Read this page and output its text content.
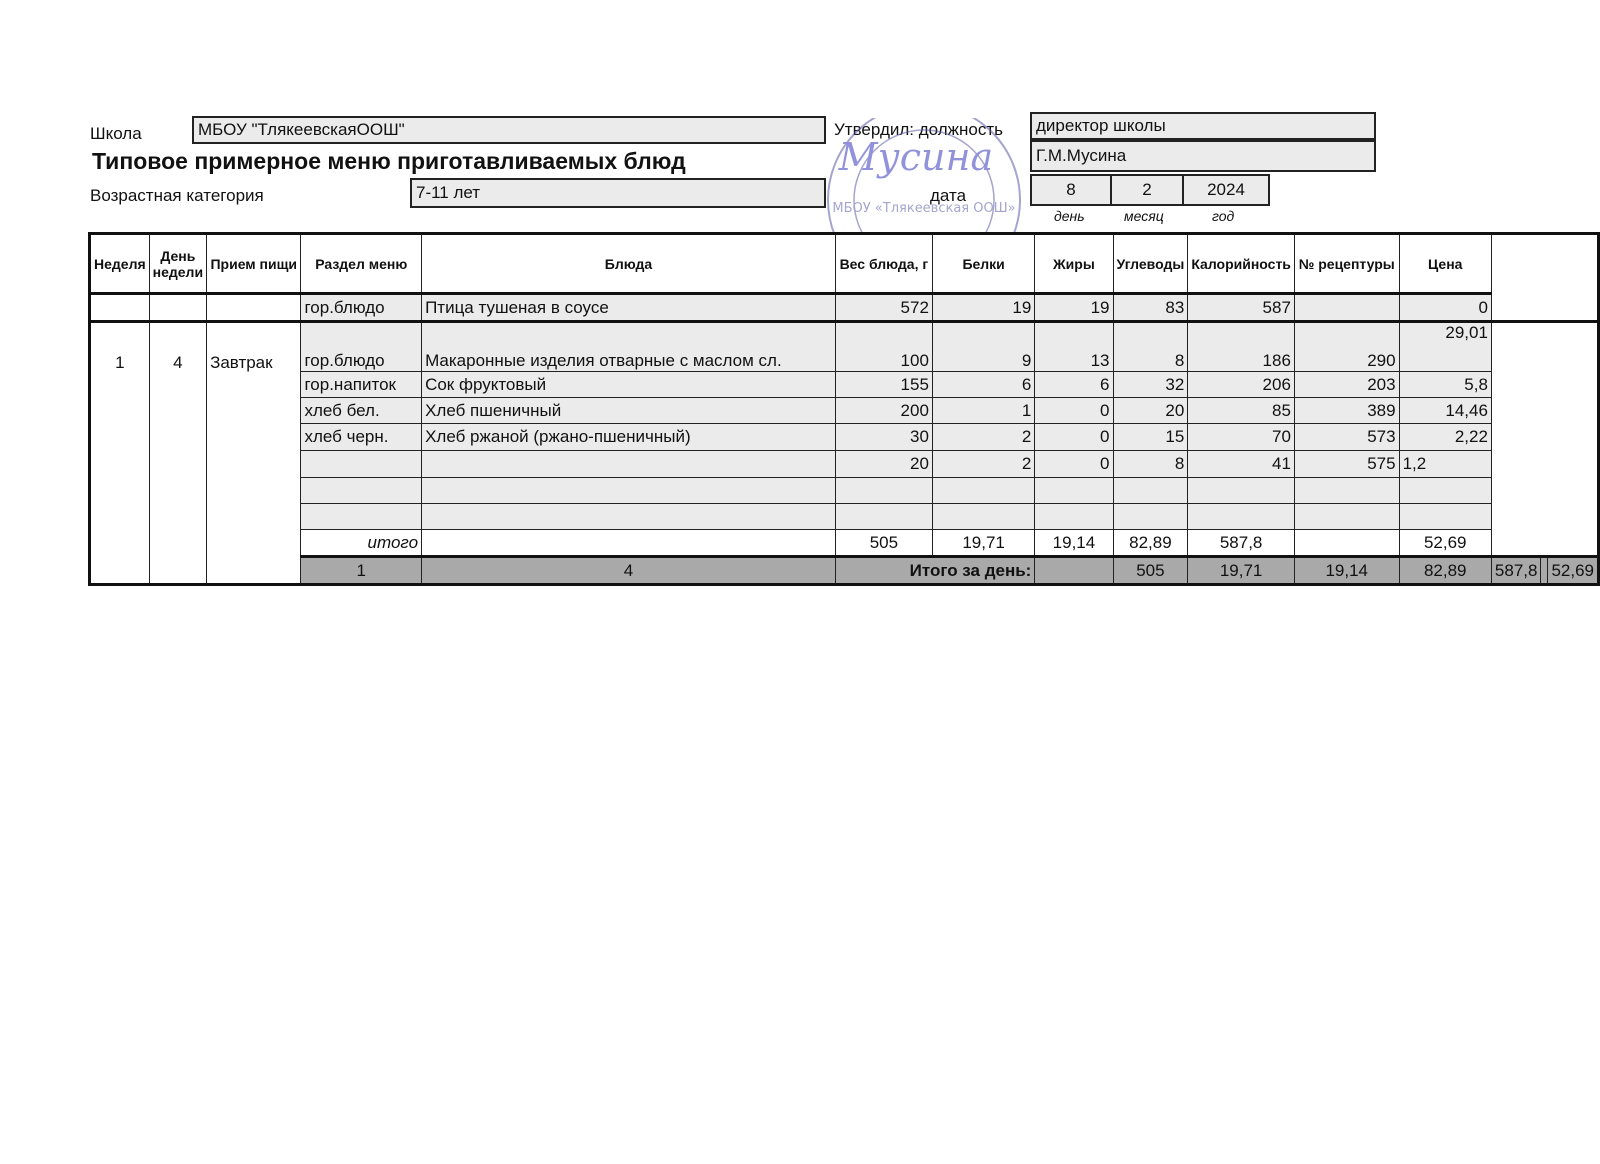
Школа	МБОУ "ТлякеевскаяООШ"
Типовое примерное меню приготавливаемых блюд
Возрастная категория	7-11 лет
Утвердил: должность	директор школы
Г.М.Мусина
дата	8	2	2024
день	месяц	год
МБОУ «Тлякеевская ООШ»
Мусина
Неделя	День недели	Прием пищи	Раздел меню	Блюда	Вес блюда, г	Белки	Жиры	Углеводы	Калорийность	№ рецептуры	Цена			
			гор.блюдо	Птица тушеная в соусе	572	19	19	83	587		0			
1	4	Завтрак	гор.блюдо	Макаронные изделия отварные с маслом сл.	100	9	13	8	186	290	29,01			
			гор.напиток	Сок фруктовый	155	6	6	32	206	203	5,8			
			хлеб бел.	Хлеб пшеничный	200	1	0	20	85	389	14,46			
			хлеб черн.	Хлеб ржаной (ржано-пшеничный)	30	2	0	15	70	573	2,22			
					20	2	0	8	41	575	1,2			

			итого		505	19,71	19,14	82,89	587,8		52,69			
			1	4	Итого за день:			505	19,71	19,14	82,89	587,8		52,69
